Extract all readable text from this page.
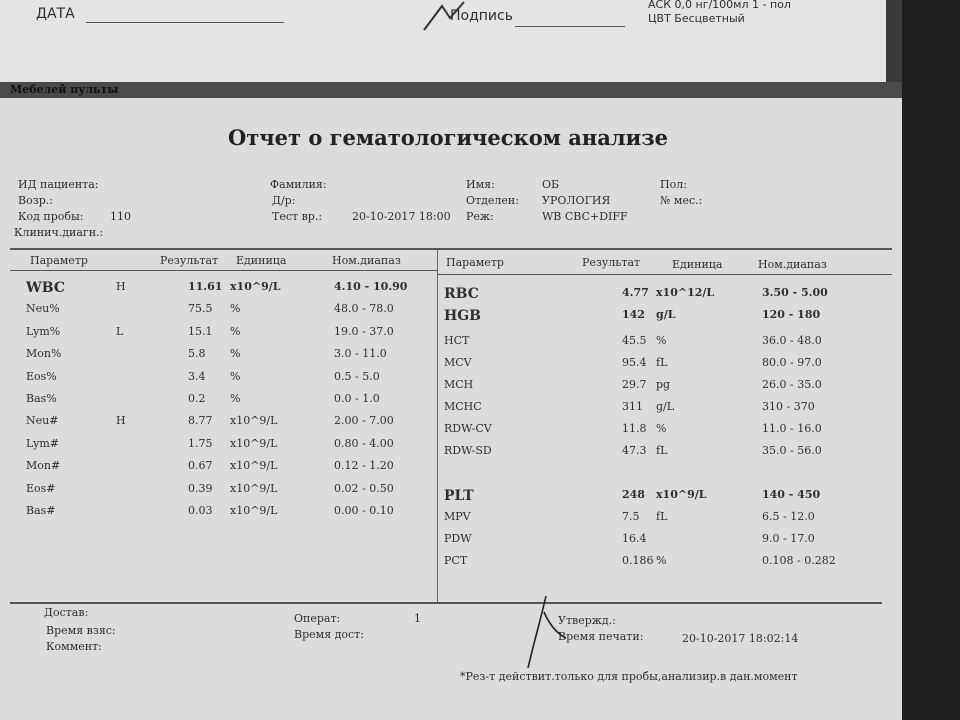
ДАТА	Подпись
АСК 0,0 нг/100мл 1 - пол
ЦВТ Бесцветный
Мебелей пульты
Отчет о гематологическом анализе
ИД пациента:
Возр.:
Код пробы: 110
Клинич.диагн.:
Фамилия:
Д/р:
Тест вр.:	20-10-2017 18:00
Имя:	ОБ
Отделен: УРОЛОГИЯ
Реж:	WB CBC+DIFF
Пол:
№ мес.:
Параметр	Результат Единица	Ном.диапаз	Параметр	Результат	Единица	Ном.диапаз
Достав:
Время взяс:
Коммент:
Операт:	1
Время дост:
Утвержд.:
Время печати:	20-10-2017 18:02:14
*Рез-т действит.только для пробы,анализир.в дан.момент
WBC	H	11.61 x10^9/L	4.10 - 10.90
Neu%	75.5 %	48.0 - 78.0
Lym%	L	15.1 %	19.0 - 37.0
Mon%	5.8 %	3.0 - 11.0
Eos%	3.4 %	0.5 - 5.0
Bas%	0.2 %	0.0 - 1.0
Neu#	H	8.77 x10^9/L	2.00 - 7.00
Lym#	1.75 x10^9/L	0.80 - 4.00
Mon#	0.67 x10^9/L	0.12 - 1.20
Eos#	0.39 x10^9/L	0.02 - 0.50
Bas#	0.03 x10^9/L	0.00 - 0.10
RBC	4.77 x10^12/L	3.50 - 5.00
HGB	142 g/L	120 - 180
HCT	45.5 %	36.0 - 48.0
MCV	95.4 fL	80.0 - 97.0
MCH	29.7 pg	26.0 - 35.0
MCHC	311 g/L	310 - 370
RDW-CV	11.8 %	11.0 - 16.0
RDW-SD	47.3 fL	35.0 - 56.0
PLT	248 x10^9/L	140 - 450
MPV	7.5 fL	6.5 - 12.0
PDW	16.4	9.0 - 17.0
PCT	0.186 %	0.108 - 0.282
